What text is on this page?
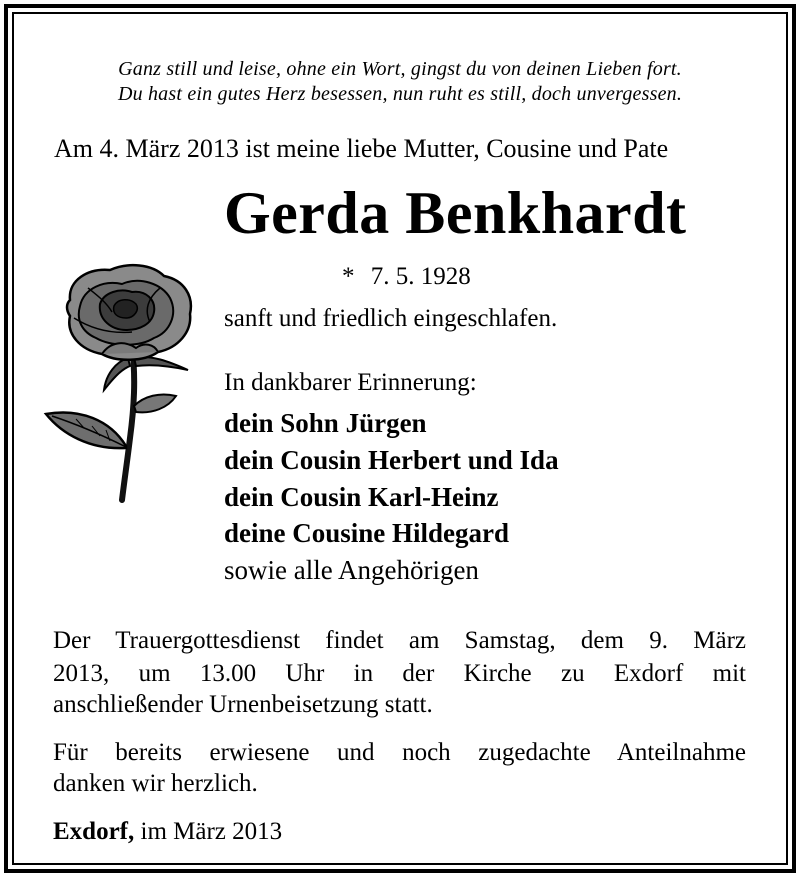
Ganz still und leise, ohne ein Wort, gingst du von deinen Lieben fort.
Du hast ein gutes Herz besessen, nun ruht es still, doch unvergessen.
Am 4. März 2013 ist meine liebe Mutter, Cousine und Pate
Gerda Benkhardt
* 7. 5. 1928
sanft und friedlich eingeschlafen.
In dankbarer Erinnerung:
dein Sohn Jürgen
dein Cousin Herbert und Ida
dein Cousin Karl-Heinz
deine Cousine Hildegard
sowie alle Angehörigen
Der Trauergottesdienst findet am Samstag, dem 9. März
2013, um 13.00 Uhr in der Kirche zu Exdorf mit
anschließender Urnenbeisetzung statt.
Für bereits erwiesene und noch zugedachte Anteilnahme
danken wir herzlich.
Exdorf, im März 2013
